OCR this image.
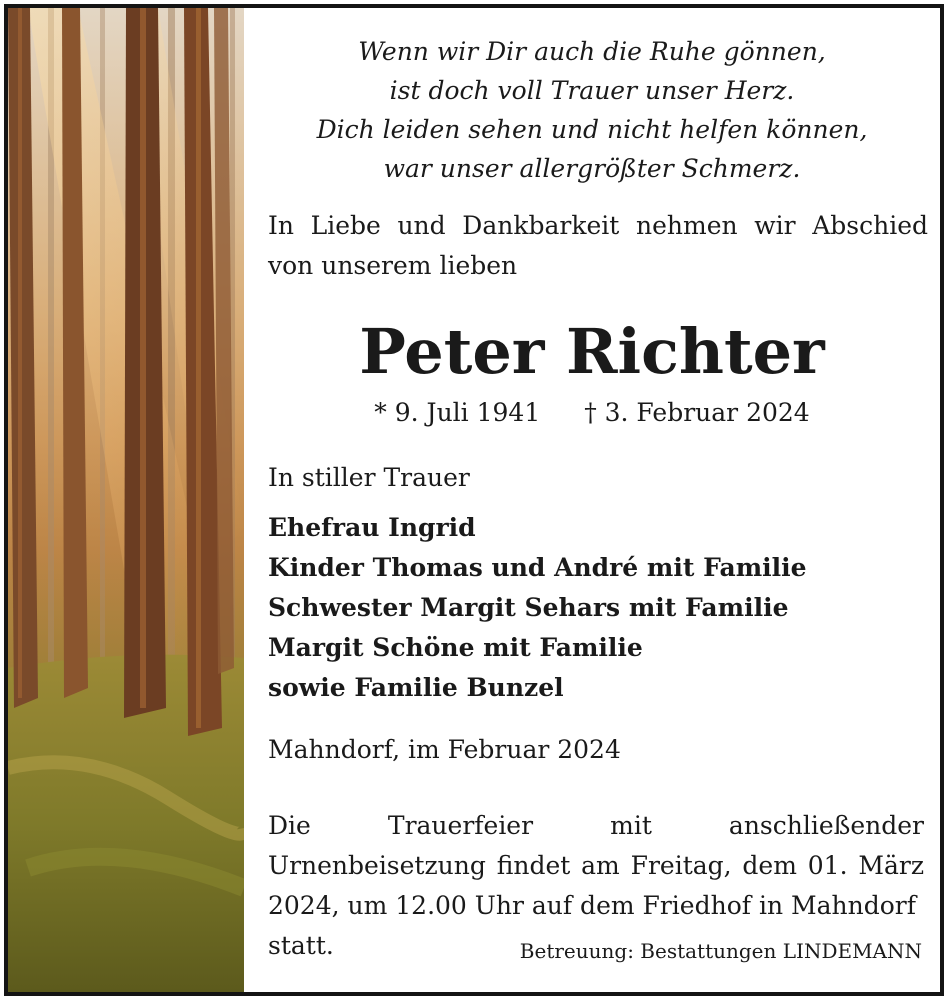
Wenn wir Dir auch die Ruhe gönnen,
ist doch voll Trauer unser Herz.
Dich leiden sehen und nicht helfen können,
war unser allergrößter Schmerz.
In Liebe und Dankbarkeit nehmen wir Abschied von unserem lieben
Peter Richter
* 9. Juli 1941 † 3. Februar 2024
In stiller Trauer
Ehefrau Ingrid
Kinder Thomas und André mit Familie
Schwester Margit Sehars mit Familie
Margit Schöne mit Familie
sowie Familie Bunzel
Mahndorf, im Februar 2024
Die Trauerfeier mit anschließender Urnenbeisetzung findet am Freitag, dem 01. März 2024, um 12.00 Uhr auf dem Friedhof in Mahndorf
statt.	Betreuung: Bestattungen LINDEMANN
